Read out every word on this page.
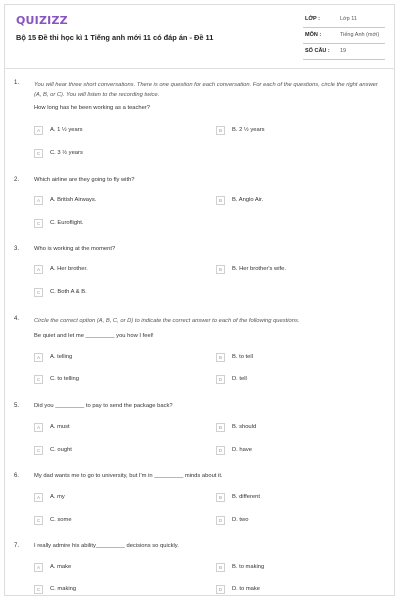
QUIZIZZ
Bộ 15 Đề thi học kì 1 Tiếng anh mới 11 có đáp án - Đề 11
LỚP :	Lớp 11
MÔN :	Tiếng Anh (mới)
SỐ CÂU : 19
1.	You will hear three short conversations. There is one question for each conversation. For each of the questions, circle the right answer (A, B, or C). You will listen to the recording twice.
How long has he been working as a teacher?
A	A. 1 ½ years	B	B. 2 ½ years
C	C. 3 ½ years
2.	Which airline are they going to fly with?
A	A. British Airways.	B	B. Anglo Air.
C	C. Euroflight.
3.	Who is working at the moment?
A	A. Her brother.	B	B. Her brother's wife.
C	C. Both A & B.
4.	Circle the correct option (A, B, C, or D) to indicate the correct answer to each of the following questions.
Be quiet and let me _________ you how I feel!
A	A. telling	B	B. to tell
C	C. to telling	D	D. tell
5.	Did you _________ to pay to send the package back?
A	A. must	B	B. should
C	C. ought	D	D. have
6.	My dad wants me to go to university, but I'm in _________ minds about it.
A	A. my	B	B. different
C	C. some	D	D. two
7.	I really admire his ability_________ decisions so quickly.
A	A. make	B	B. to making
C	C. making	D	D. to make
